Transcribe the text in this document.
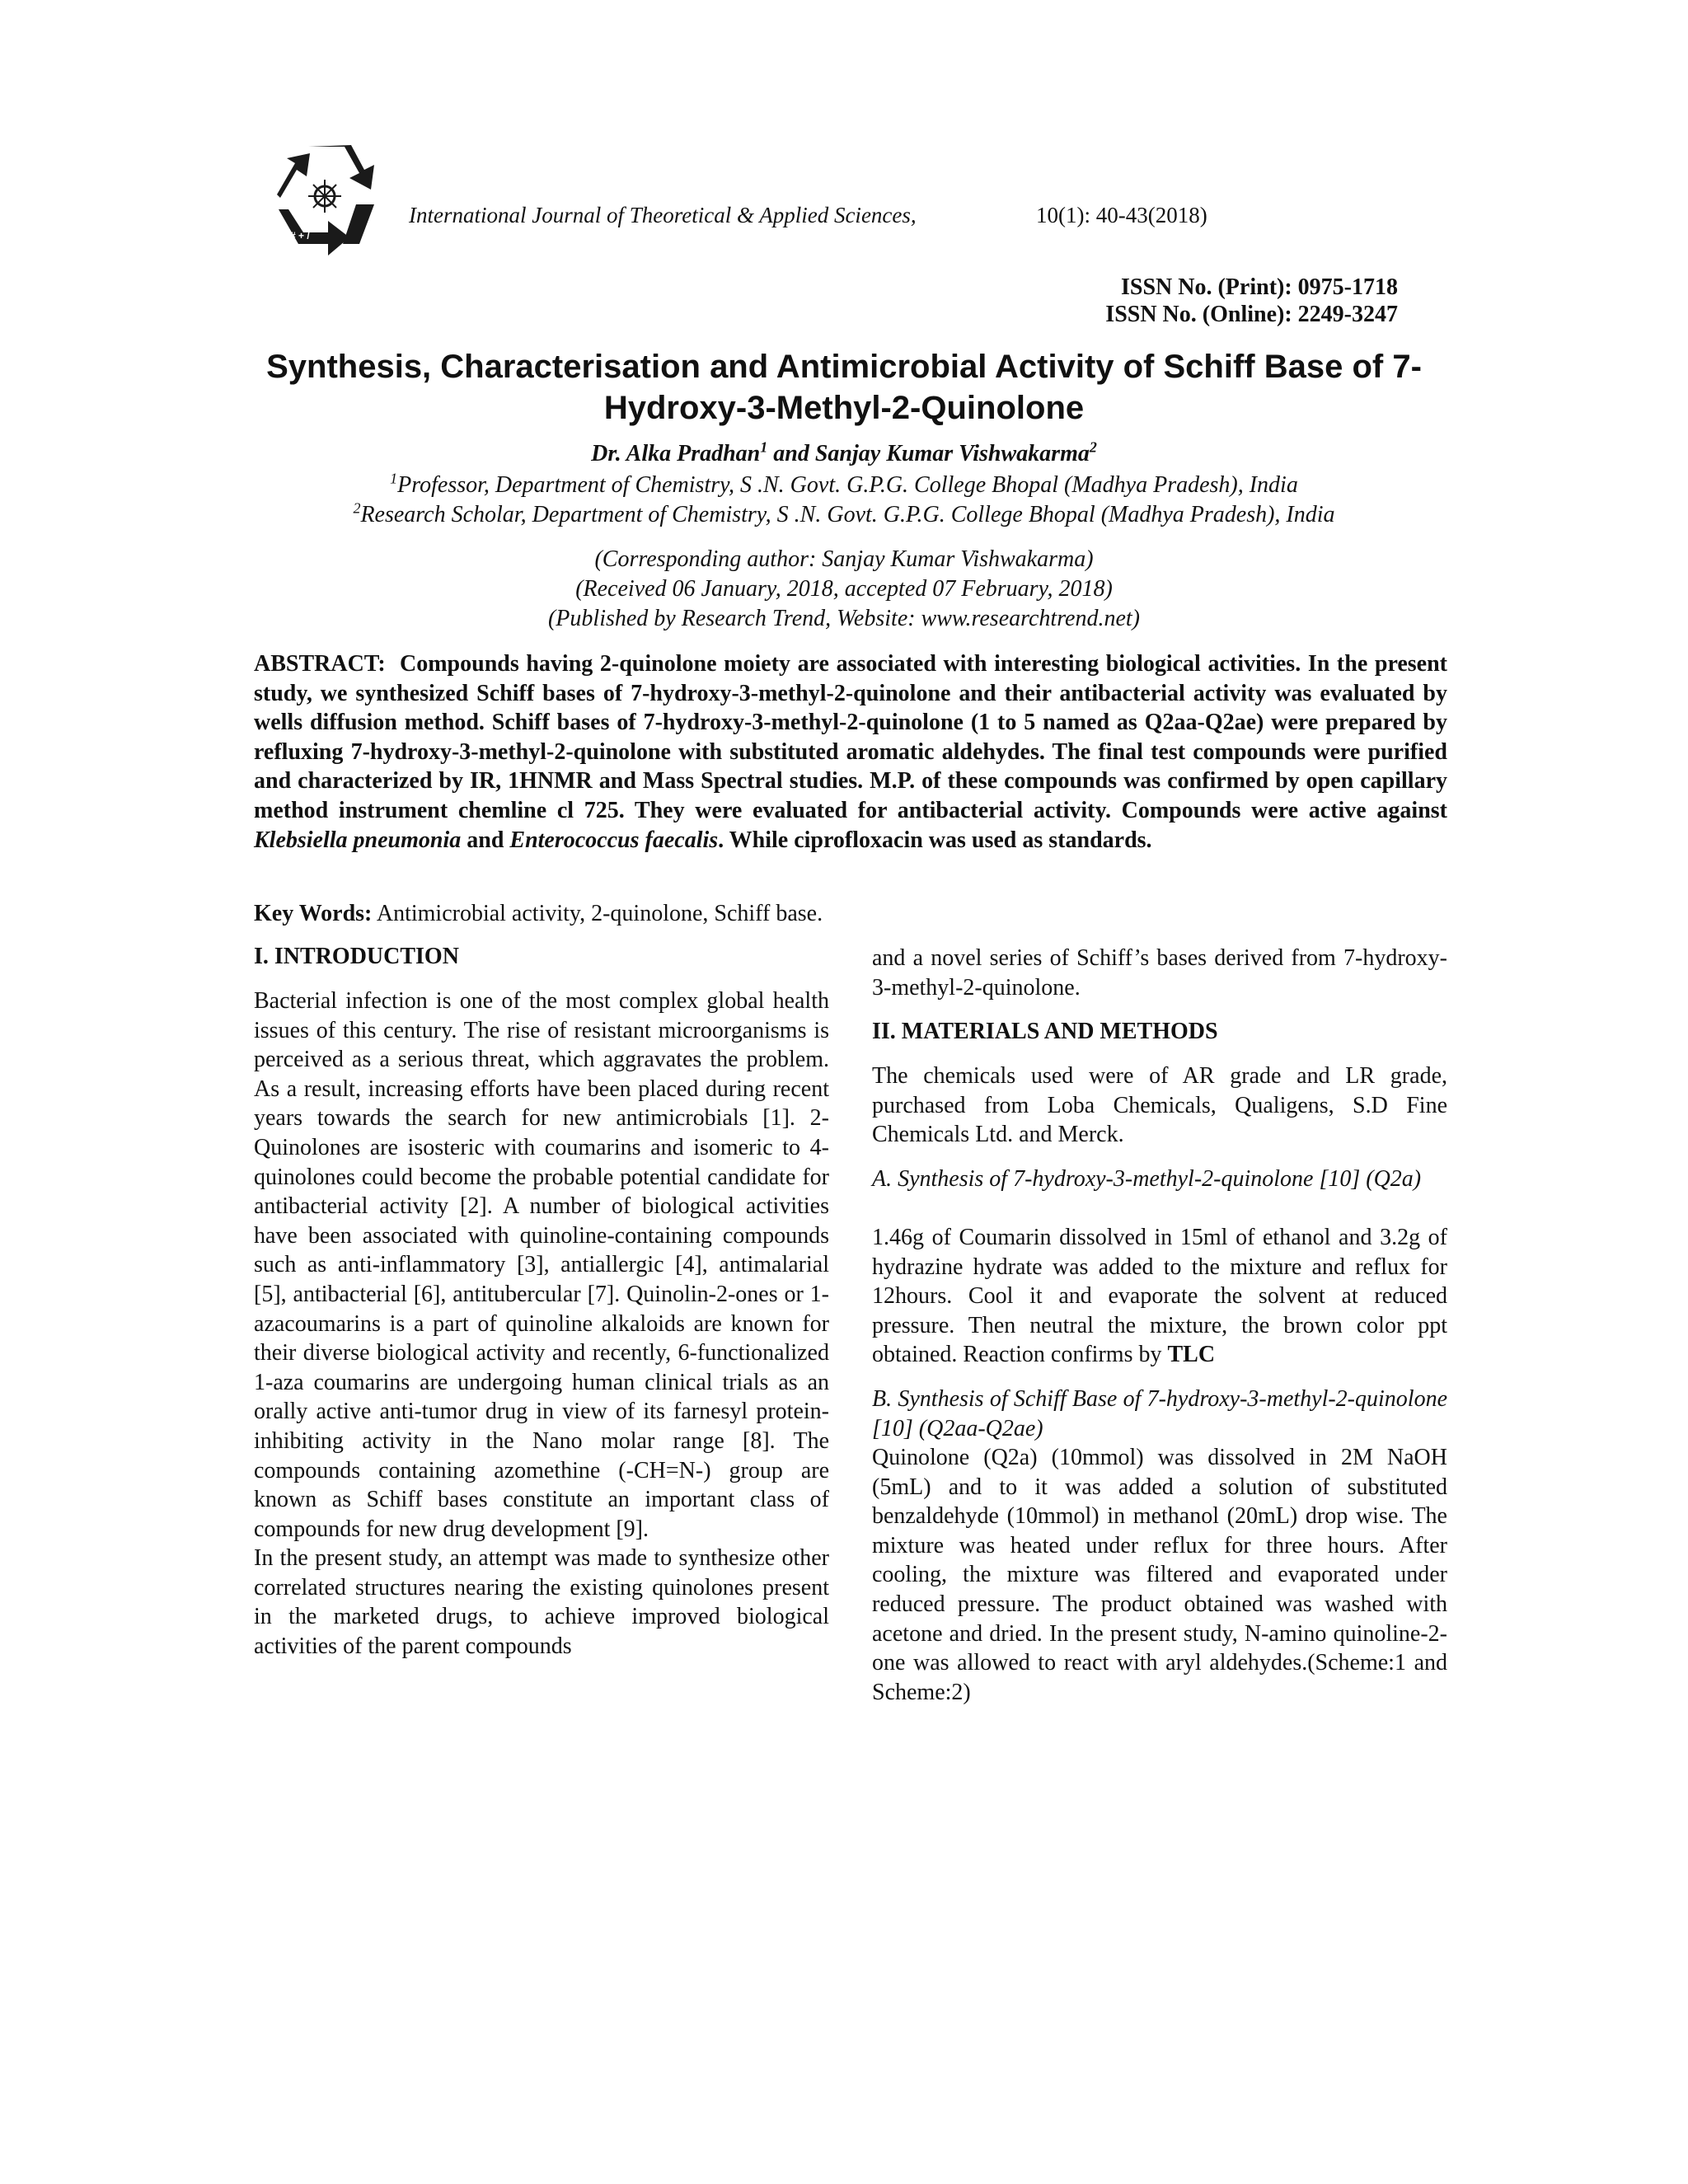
# + /
International Journal of Theoretical & Applied Sciences,	10(1): 40-43(2018)
ISSN No. (Print): 0975-1718
ISSN No. (Online): 2249-3247
Synthesis, Characterisation and Antimicrobial Activity of Schiff Base of 7-Hydroxy-3-Methyl-2-Quinolone
Dr. Alka Pradhan$^1$ and Sanjay Kumar Vishwakarma$^2$
$^1$Professor, Department of Chemistry, S .N. Govt. G.P.G. College Bhopal (Madhya Pradesh), India
$^2$Research Scholar, Department of Chemistry, S .N. Govt. G.P.G. College Bhopal (Madhya Pradesh), India
(Corresponding author: Sanjay Kumar Vishwakarma)
(Received 06 January, 2018, accepted 07 February, 2018)
(Published by Research Trend, Website: www.researchtrend.net)
ABSTRACT: Compounds having 2-quinolone moiety are associated with interesting biological activities. In the present study, we synthesized Schiff bases of 7-hydroxy-3-methyl-2-quinolone and their antibacterial activity was evaluated by wells diffusion method. Schiff bases of 7-hydroxy-3-methyl-2-quinolone (1 to 5 named as Q2aa-Q2ae) were prepared by refluxing 7-hydroxy-3-methyl-2-quinolone with substituted aromatic aldehydes. The final test compounds were purified and characterized by IR, 1HNMR and Mass Spectral studies. M.P. of these compounds was confirmed by open capillary method instrument chemline cl 725. They were evaluated for antibacterial activity. Compounds were active against Klebsiella pneumonia and Enterococcus faecalis. While ciprofloxacin was used as standards.
Key Words: Antimicrobial activity, 2-quinolone, Schiff base.
I. INTRODUCTION

Bacterial infection is one of the most complex global health issues of this century. The rise of resistant microorganisms is perceived as a serious threat, which aggravates the problem. As a result, increasing efforts have been placed during recent years towards the search for new antimicrobials [1]. 2-Quinolones are isosteric with coumarins and isomeric to 4-quinolones could become the probable potential candidate for antibacterial activity [2]. A number of biological activities have been associated with quinoline-containing compounds such as anti-inflammatory [3], antiallergic [4], antimalarial [5], antibacterial [6], antitubercular [7]. Quinolin-2-ones or 1-azacoumarins is a part of quinoline alkaloids are known for their diverse biological activity and recently, 6-functionalized 1-aza coumarins are undergoing human clinical trials as an orally active anti-tumor drug in view of its farnesyl protein-inhibiting activity in the Nano molar range [8]. The compounds containing azomethine (-CH=N-) group are known as Schiff bases constitute an important class of compounds for new drug development [9].

In the present study, an attempt was made to synthesize other correlated structures nearing the existing quinolones present in the marketed drugs, to achieve improved biological activities of the parent compounds

and a novel series of Schiff’s bases derived from 7-hydroxy-3-methyl-2-quinolone.
II. MATERIALS AND METHODS
The chemicals used were of AR grade and LR grade, purchased from Loba Chemicals, Qualigens, S.D Fine Chemicals Ltd. and Merck.
A. Synthesis of 7-hydroxy-3-methyl-2-quinolone [10] (Q2a)
1.46g of Coumarin dissolved in 15ml of ethanol and 3.2g of hydrazine hydrate was added to the mixture and reflux for 12hours. Cool it and evaporate the solvent at reduced pressure. Then neutral the mixture, the brown color ppt obtained. Reaction confirms by TLC
B. Synthesis of Schiff Base of 7-hydroxy-3-methyl-2-quinolone [10] (Q2aa-Q2ae)
Quinolone (Q2a) (10mmol) was dissolved in 2M NaOH (5mL) and to it was added a solution of substituted benzaldehyde (10mmol) in methanol (20mL) drop wise. The mixture was heated under reflux for three hours. After cooling, the mixture was filtered and evaporated under reduced pressure. The product obtained was washed with acetone and dried. In the present study, N-amino quinoline-2-one was allowed to react with aryl aldehydes.(Scheme:1 and Scheme:2)
